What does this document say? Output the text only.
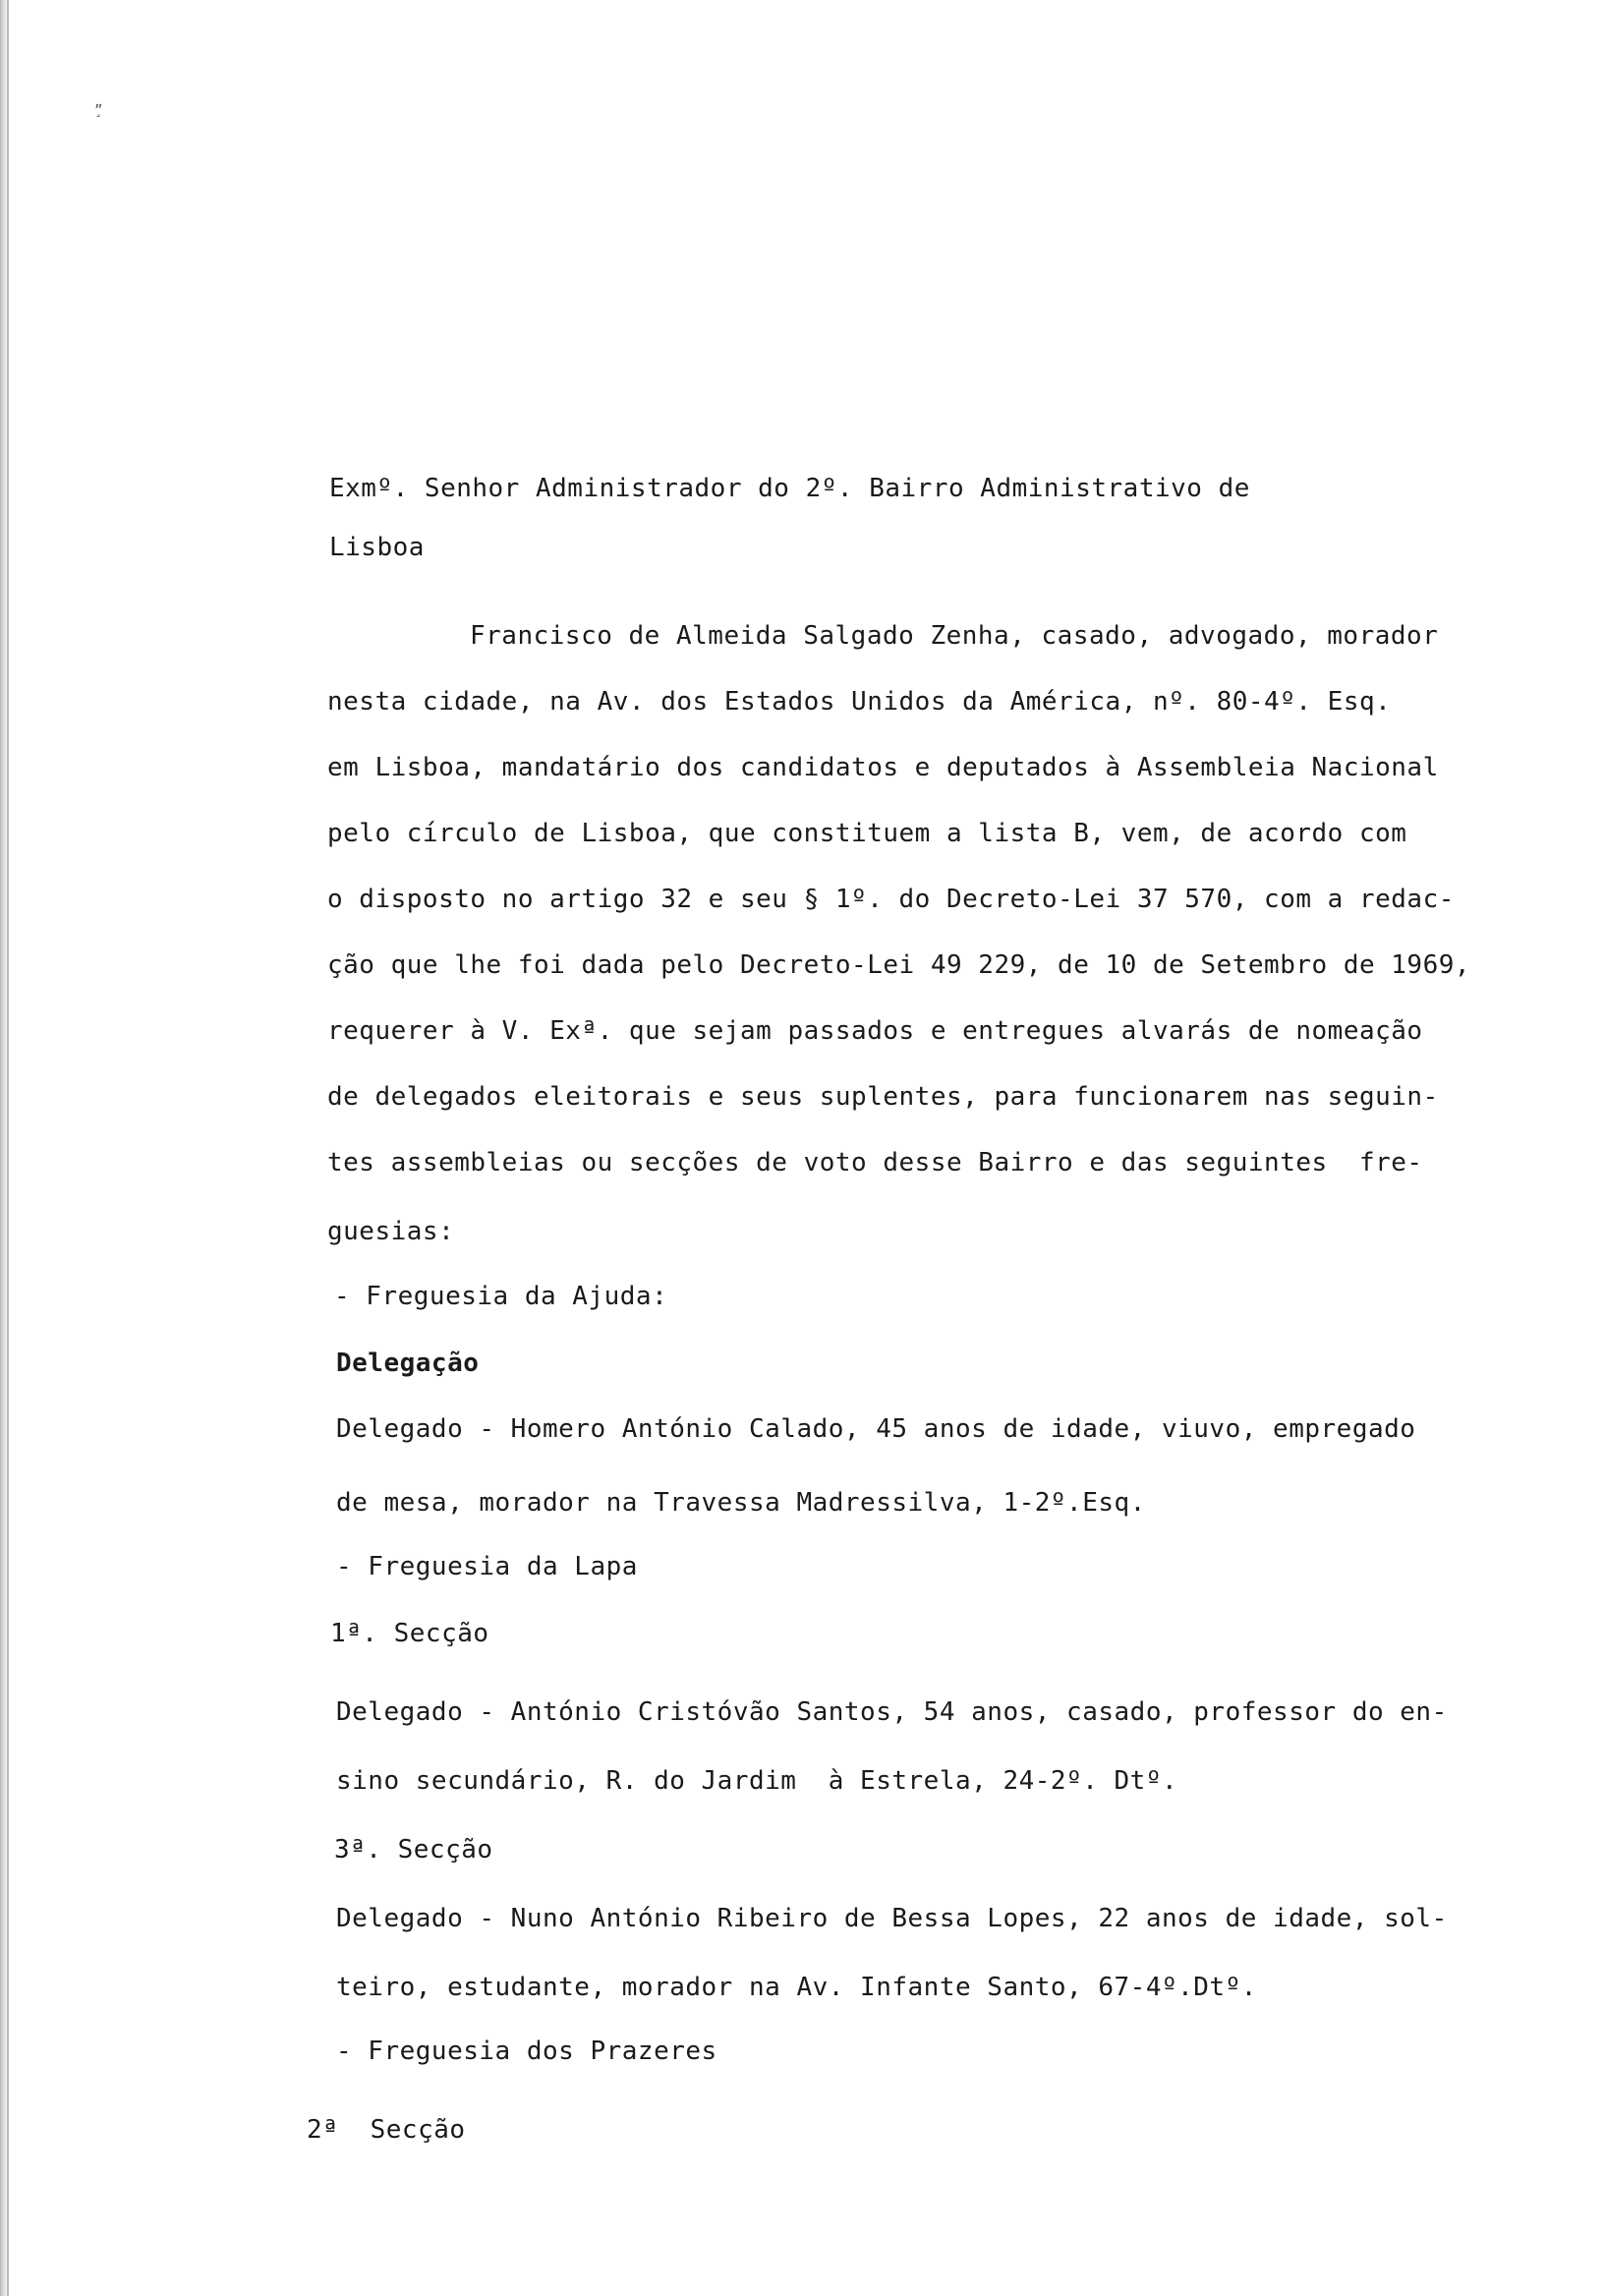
„ ¸
Exmº. Senhor Administrador do 2º. Bairro Administrativo de
Lisboa
Francisco de Almeida Salgado Zenha, casado, advogado, morador
nesta cidade, na Av. dos Estados Unidos da América, nº. 80-4º. Esq.
em Lisboa, mandatário dos candidatos e deputados à Assembleia Nacional
pelo círculo de Lisboa, que constituem a lista B, vem, de acordo com
o disposto no artigo 32 e seu § 1º. do Decreto-Lei 37 570, com a redac-
ção que lhe foi dada pelo Decreto-Lei 49 229, de 10 de Setembro de 1969,
requerer à V. Exª. que sejam passados e entregues alvarás de nomeação
de delegados eleitorais e seus suplentes, para funcionarem nas seguin-
tes assembleias ou secções de voto desse Bairro e das seguintes  fre-
guesias:
- Freguesia da Ajuda:
Delegação
Delegado - Homero António Calado, 45 anos de idade, viuvo, empregado
de mesa, morador na Travessa Madressilva, 1-2º.Esq.
- Freguesia da Lapa
1ª. Secção
Delegado - António Cristóvão Santos, 54 anos, casado, professor do en-
sino secundário, R. do Jardim  à Estrela, 24-2º. Dtº.
3ª. Secção
Delegado - Nuno António Ribeiro de Bessa Lopes, 22 anos de idade, sol-
teiro, estudante, morador na Av. Infante Santo, 67-4º.Dtº.
- Freguesia dos Prazeres
2ª  Secção
